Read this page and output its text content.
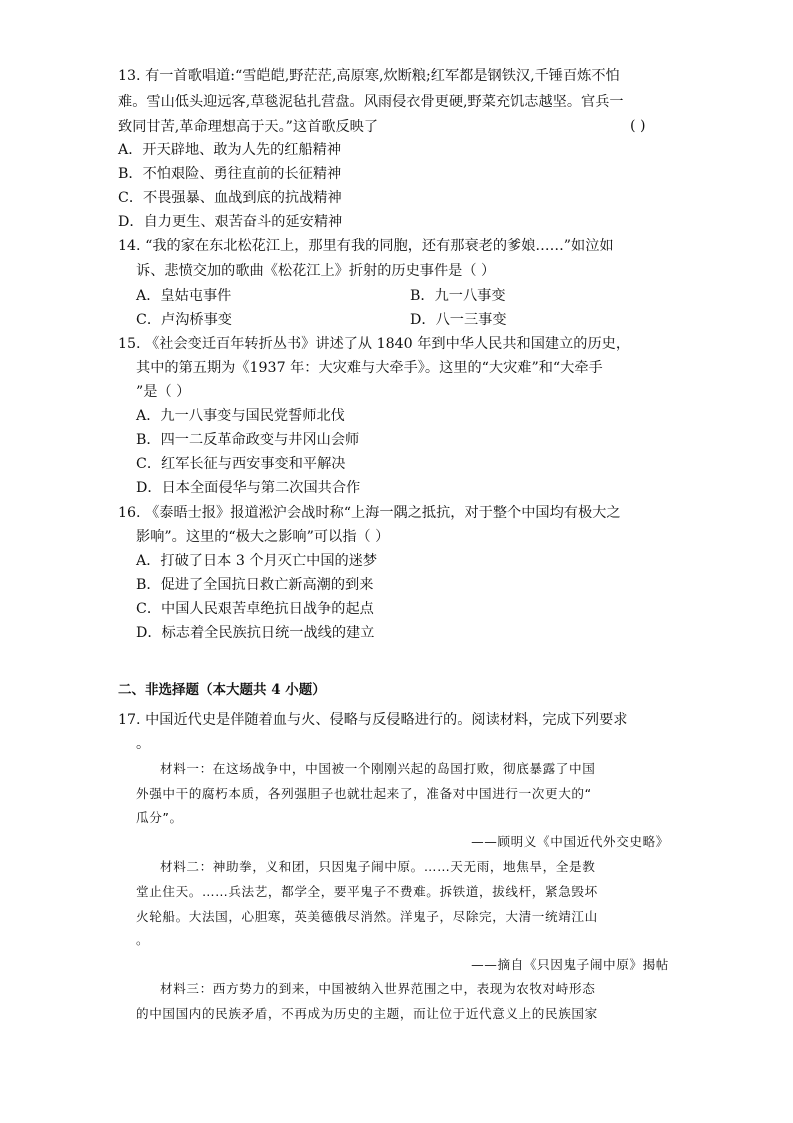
13. 有一首歌唱道:“雪皑皑,野茫茫,高原寒,炊断粮;红军都是钢铁汉,千锤百炼不怕
难。雪山低头迎远客,草毯泥毡扎营盘。风雨侵衣骨更硬,野菜充饥志越坚。官兵一
致同甘苦,革命理想高于天。”这首歌反映了	( )
A．开天辟地、敢为人先的红船精神
B．不怕艰险、勇往直前的长征精神
C．不畏强暴、血战到底的抗战精神
D．自力更生、艰苦奋斗的延安精神
14. “我的家在东北松花江上，那里有我的同胞，还有那衰老的爹娘……”如泣如
诉、悲愤交加的歌曲《松花江上》折射的历史事件是（ ）
A．皇姑屯事件	B．九一八事变
C．卢沟桥事变	D．八一三事变
15. 《社会变迁百年转折丛书》讲述了从 1840 年到中华人民共和国建立的历史，
其中的第五期为《1937 年：大灾难与大牵手》。这里的“大灾难”和“大牵手
”是（ ）
A．九一八事变与国民党誓师北伐
B．四一二反革命政变与井冈山会师
C．红军长征与西安事变和平解决
D．日本全面侵华与第二次国共合作
16. 《泰晤士报》报道淞沪会战时称“上海一隅之抵抗，对于整个中国均有极大之
影响”。这里的“极大之影响”可以指（ ）
A．打破了日本 3 个月灭亡中国的迷梦
B．促进了全国抗日救亡新高潮的到来
C．中国人民艰苦卓绝抗日战争的起点
D．标志着全民族抗日统一战线的建立
二、非选择题（本大题共 4 小题）
17. 中国近代史是伴随着血与火、侵略与反侵略进行的。阅读材料，完成下列要求
。
材料一：在这场战争中，中国被一个刚刚兴起的岛国打败，彻底暴露了中国
外强中干的腐朽本质，各列强胆子也就壮起来了，准备对中国进行一次更大的“
瓜分”。
——顾明义《中国近代外交史略》
材料二：神助拳，义和团，只因鬼子闹中原。……天无雨，地焦旱，全是教
堂止住天。……兵法艺，都学全，要平鬼子不费难。拆铁道，拔线杆，紧急毁坏
火轮船。大法国，心胆寒，英美德俄尽消然。洋鬼子，尽除完，大清一统靖江山
。
——摘自《只因鬼子闹中原》揭帖
材料三：西方势力的到来，中国被纳入世界范围之中，表现为农牧对峙形态
的中国国内的民族矛盾，不再成为历史的主题，而让位于近代意义上的民族国家
